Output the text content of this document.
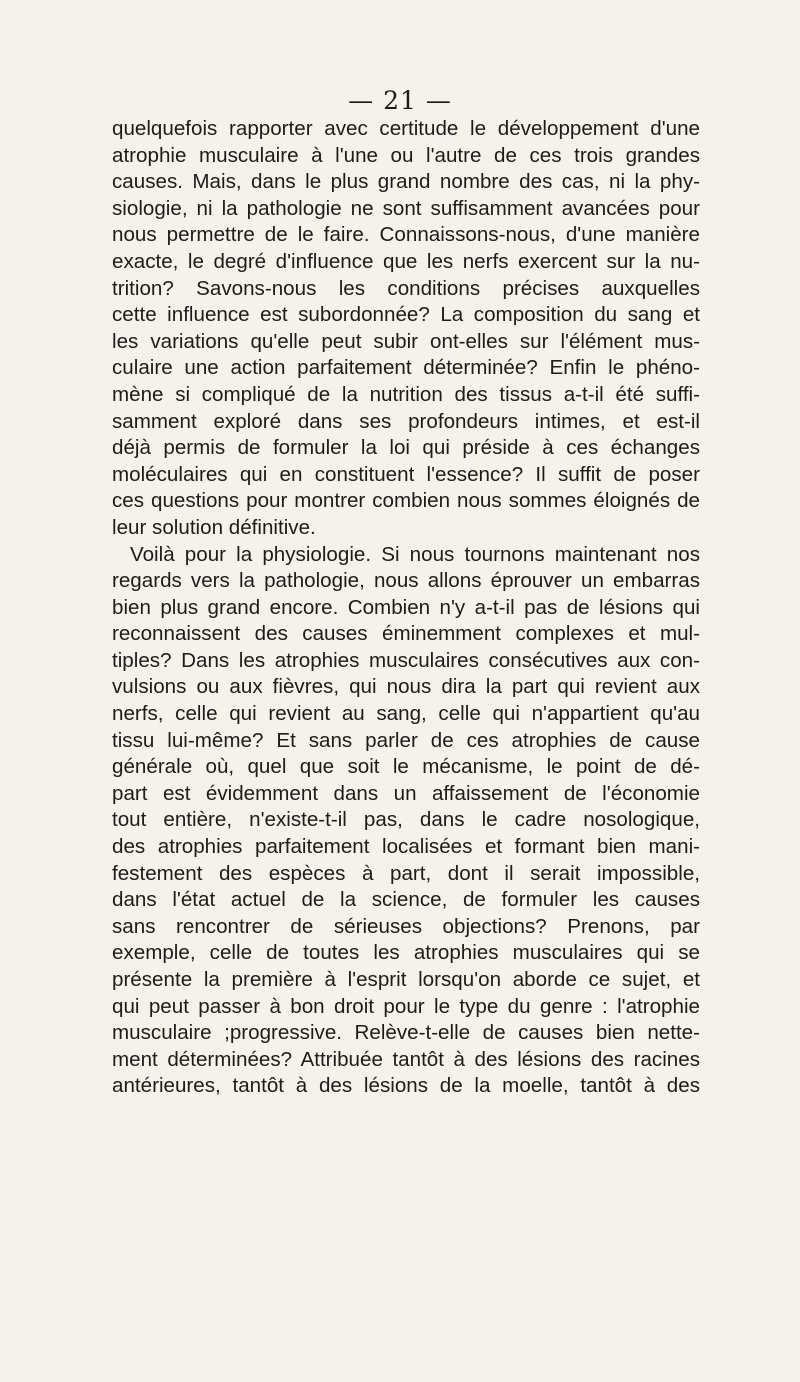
— 21 —
quelquefois rapporter avec certitude le développement d'une
atrophie musculaire à l'une ou l'autre de ces trois grandes
causes. Mais, dans le plus grand nombre des cas, ni la phy-
siologie, ni la pathologie ne sont suffisamment avancées pour
nous permettre de le faire. Connaissons-nous, d'une manière
exacte, le degré d'influence que les nerfs exercent sur la nu-
trition? Savons-nous les conditions précises auxquelles
cette influence est subordonnée? La composition du sang et
les variations qu'elle peut subir ont-elles sur l'élément mus-
culaire une action parfaitement déterminée? Enfin le phéno-
mène si compliqué de la nutrition des tissus a-t-il été suffi-
samment exploré dans ses profondeurs intimes, et est-il
déjà permis de formuler la loi qui préside à ces échanges
moléculaires qui en constituent l'essence? Il suffit de poser
ces questions pour montrer combien nous sommes éloignés de
leur solution définitive.
Voilà pour la physiologie. Si nous tournons maintenant nos
regards vers la pathologie, nous allons éprouver un embarras
bien plus grand encore. Combien n'y a-t-il pas de lésions qui
reconnaissent des causes éminemment complexes et mul-
tiples? Dans les atrophies musculaires consécutives aux con-
vulsions ou aux fièvres, qui nous dira la part qui revient aux
nerfs, celle qui revient au sang, celle qui n'appartient qu'au
tissu lui-même? Et sans parler de ces atrophies de cause
générale où, quel que soit le mécanisme, le point de dé-
part est évidemment dans un affaissement de l'économie
tout entière, n'existe-t-il pas, dans le cadre nosologique,
des atrophies parfaitement localisées et formant bien mani-
festement des espèces à part, dont il serait impossible,
dans l'état actuel de la science, de formuler les causes
sans rencontrer de sérieuses objections? Prenons, par
exemple, celle de toutes les atrophies musculaires qui se
présente la première à l'esprit lorsqu'on aborde ce sujet, et
qui peut passer à bon droit pour le type du genre : l'atrophie
musculaire ;progressive. Relève-t-elle de causes bien nette-
ment déterminées? Attribuée tantôt à des lésions des racines
antérieures, tantôt à des lésions de la moelle, tantôt à des
